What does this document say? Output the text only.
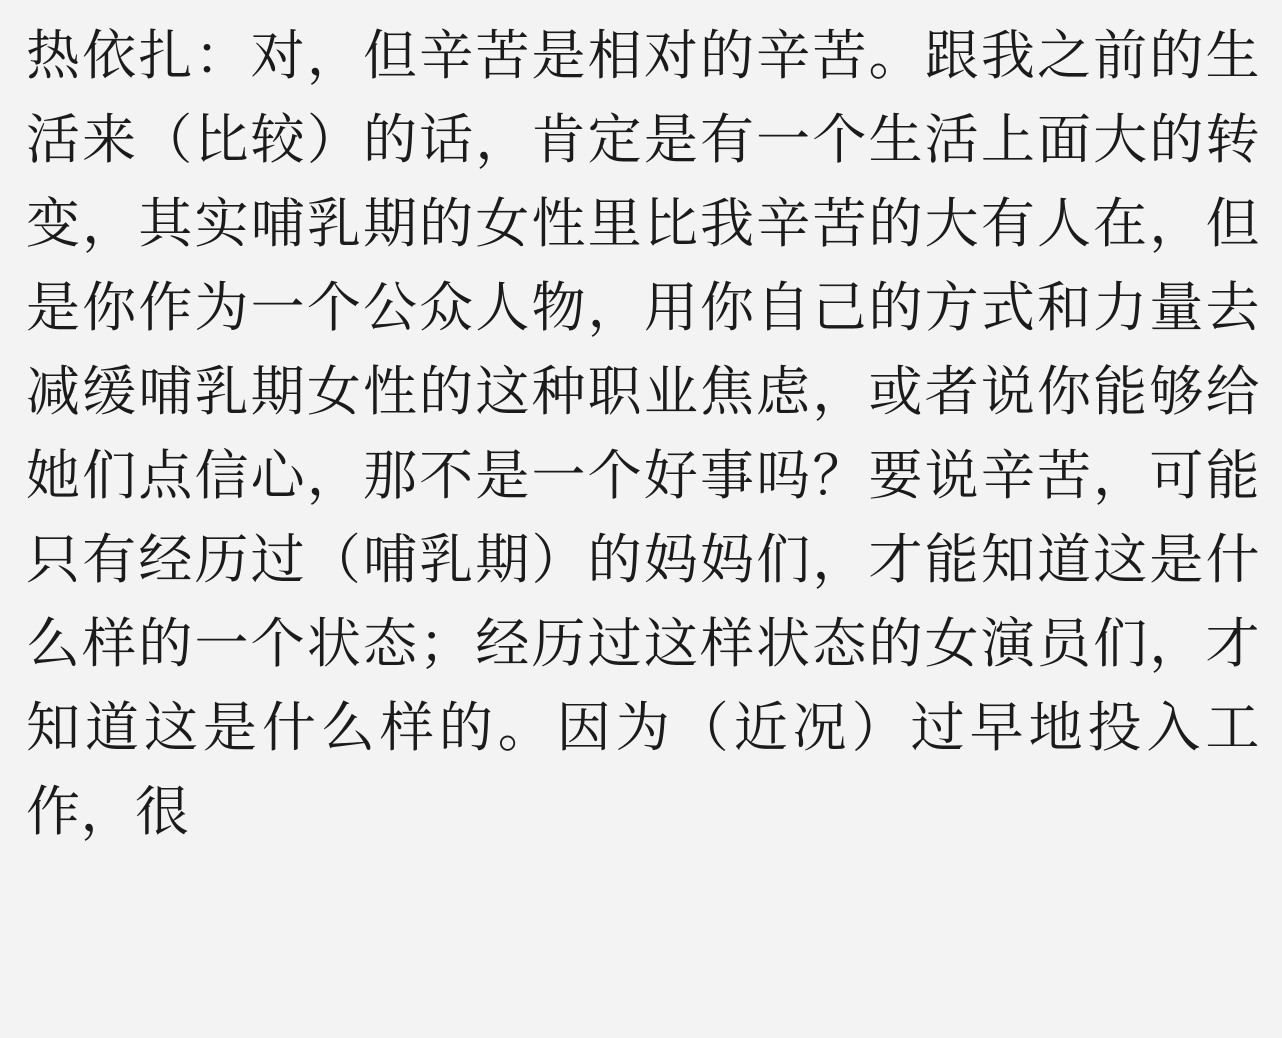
热依扎：对，但辛苦是相对的辛苦。跟我之前的生活来（比较）的话，肯定是有一个生活上面大的转变，其实哺乳期的女性里比我辛苦的大有人在，但是你作为一个公众人物，用你自己的方式和力量去减缓哺乳期女性的这种职业焦虑，或者说你能够给她们点信心，那不是一个好事吗？要说辛苦，可能只有经历过（哺乳期）的妈妈们，才能知道这是什么样的一个状态；经历过这样状态的女演员们，才知道这是什么样的。因为（近况）过早地投入工作，很
